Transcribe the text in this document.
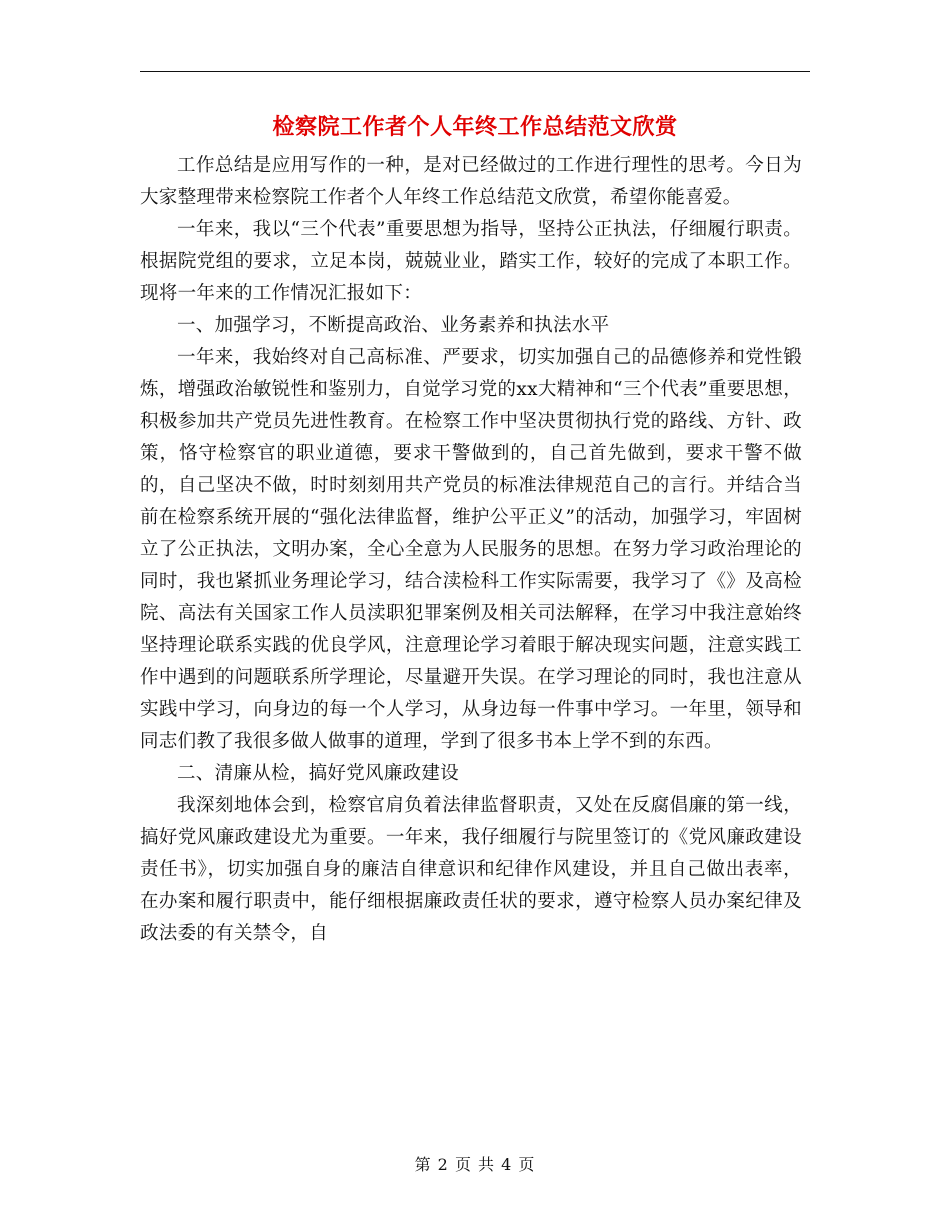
检察院工作者个人年终工作总结范文欣赏

工作总结是应用写作的一种，是对已经做过的工作进行理性的思考。今日为大家整理带来检察院工作者个人年终工作总结范文欣赏，希望你能喜爱。

一年来，我以“三个代表”重要思想为指导，坚持公正执法，仔细履行职责。根据院党组的要求，立足本岗，兢兢业业，踏实工作，较好的完成了本职工作。现将一年来的工作情况汇报如下：

一、加强学习，不断提高政治、业务素养和执法水平

一年来，我始终对自己高标准、严要求，切实加强自己的品德修养和党性锻炼，增强政治敏锐性和鉴别力，自觉学习党的xx大精神和“三个代表”重要思想，积极参加共产党员先进性教育。在检察工作中坚决贯彻执行党的路线、方针、政策，恪守检察官的职业道德，要求干警做到的，自己首先做到，要求干警不做的，自己坚决不做，时时刻刻用共产党员的标准法律规范自己的言行。并结合当前在检察系统开展的“强化法律监督，维护公平正义”的活动，加强学习，牢固树立了公正执法，文明办案，全心全意为人民服务的思想。在努力学习政治理论的同时，我也紧抓业务理论学习，结合渎检科工作实际需要，我学习了《》及高检院、高法有关国家工作人员渎职犯罪案例及相关司法解释，在学习中我注意始终坚持理论联系实践的优良学风，注意理论学习着眼于解决现实问题，注意实践工作中遇到的问题联系所学理论，尽量避开失误。在学习理论的同时，我也注意从实践中学习，向身边的每一个人学习，从身边每一件事中学习。一年里，领导和同志们教了我很多做人做事的道理，学到了很多书本上学不到的东西。

二、清廉从检，搞好党风廉政建设

我深刻地体会到，检察官肩负着法律监督职责，又处在反腐倡廉的第一线，搞好党风廉政建设尤为重要。一年来，我仔细履行与院里签订的《党风廉政建设责任书》，切实加强自身的廉洁自律意识和纪律作风建设，并且自己做出表率，在办案和履行职责中，能仔细根据廉政责任状的要求，遵守检察人员办案纪律及政法委的有关禁令，自

第 2 页 共 4 页
